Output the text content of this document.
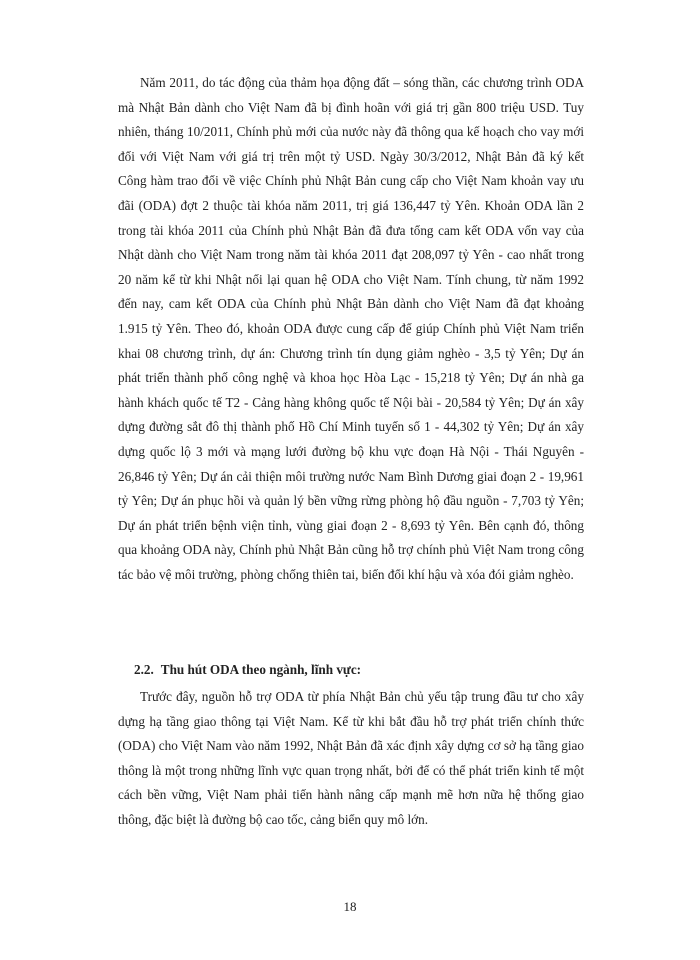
Năm 2011, do tác động của thảm họa động đất – sóng thần, các chương trình ODA mà Nhật Bản dành cho Việt Nam đã bị đình hoãn với giá trị gần 800 triệu USD. Tuy nhiên, tháng 10/2011, Chính phủ mới của nước này đã thông qua kế hoạch cho vay mới đối với Việt Nam với giá trị trên một tỷ USD. Ngày 30/3/2012, Nhật Bản đã ký kết Công hàm trao đổi về việc Chính phủ Nhật Bản cung cấp cho Việt Nam khoản vay ưu đãi (ODA) đợt 2 thuộc tài khóa năm 2011, trị giá 136,447 tỷ Yên. Khoản ODA lần 2 trong tài khóa 2011 của Chính phủ Nhật Bản đã đưa tổng cam kết ODA vốn vay của Nhật dành cho Việt Nam trong năm tài khóa 2011 đạt 208,097 tỷ Yên - cao nhất trong 20 năm kể từ khi Nhật nối lại quan hệ ODA cho Việt Nam. Tính chung, từ năm 1992 đến nay, cam kết ODA của Chính phủ Nhật Bản dành cho Việt Nam đã đạt khoảng 1.915 tỷ Yên. Theo đó, khoản ODA được cung cấp để giúp Chính phủ Việt Nam triển khai 08 chương trình, dự án: Chương trình tín dụng giảm nghèo - 3,5 tỷ Yên; Dự án phát triển thành phố công nghệ và khoa học Hòa Lạc - 15,218 tỷ Yên; Dự án nhà ga hành khách quốc tế T2 - Cảng hàng không quốc tế Nội bài - 20,584 tỷ Yên; Dự án xây dựng đường sắt đô thị thành phố Hồ Chí Minh tuyến số 1 - 44,302 tỷ Yên; Dự án xây dựng quốc lộ 3 mới và mạng lưới đường bộ khu vực đoạn Hà Nội - Thái Nguyên - 26,846 tỷ Yên; Dự án cải thiện môi trường nước Nam Bình Dương giai đoạn 2 - 19,961 tỷ Yên; Dự án phục hồi và quản lý bền vững rừng phòng hộ đầu nguồn - 7,703 tỷ Yên; Dự án phát triển bệnh viện tỉnh, vùng giai đoạn 2 - 8,693 tỷ Yên. Bên cạnh đó, thông qua khoảng ODA này, Chính phủ Nhật Bản cũng hỗ trợ chính phủ Việt Nam trong công tác bảo vệ môi trường, phòng chống thiên tai, biến đổi khí hậu và xóa đói giảm nghèo.

2.2. Thu hút ODA theo ngành, lĩnh vực:

Trước đây, nguồn hỗ trợ ODA từ phía Nhật Bản chủ yếu tập trung đầu tư cho xây dựng hạ tầng giao thông tại Việt Nam. Kể từ khi bắt đầu hỗ trợ phát triển chính thức (ODA) cho Việt Nam vào năm 1992, Nhật Bản đã xác định xây dựng cơ sở hạ tầng giao thông là một trong những lĩnh vực quan trọng nhất, bởi để có thể phát triển kinh tế một cách bền vững, Việt Nam phải tiến hành nâng cấp mạnh mẽ hơn nữa hệ thống giao thông, đặc biệt là đường bộ cao tốc, cảng biển quy mô lớn.

18
